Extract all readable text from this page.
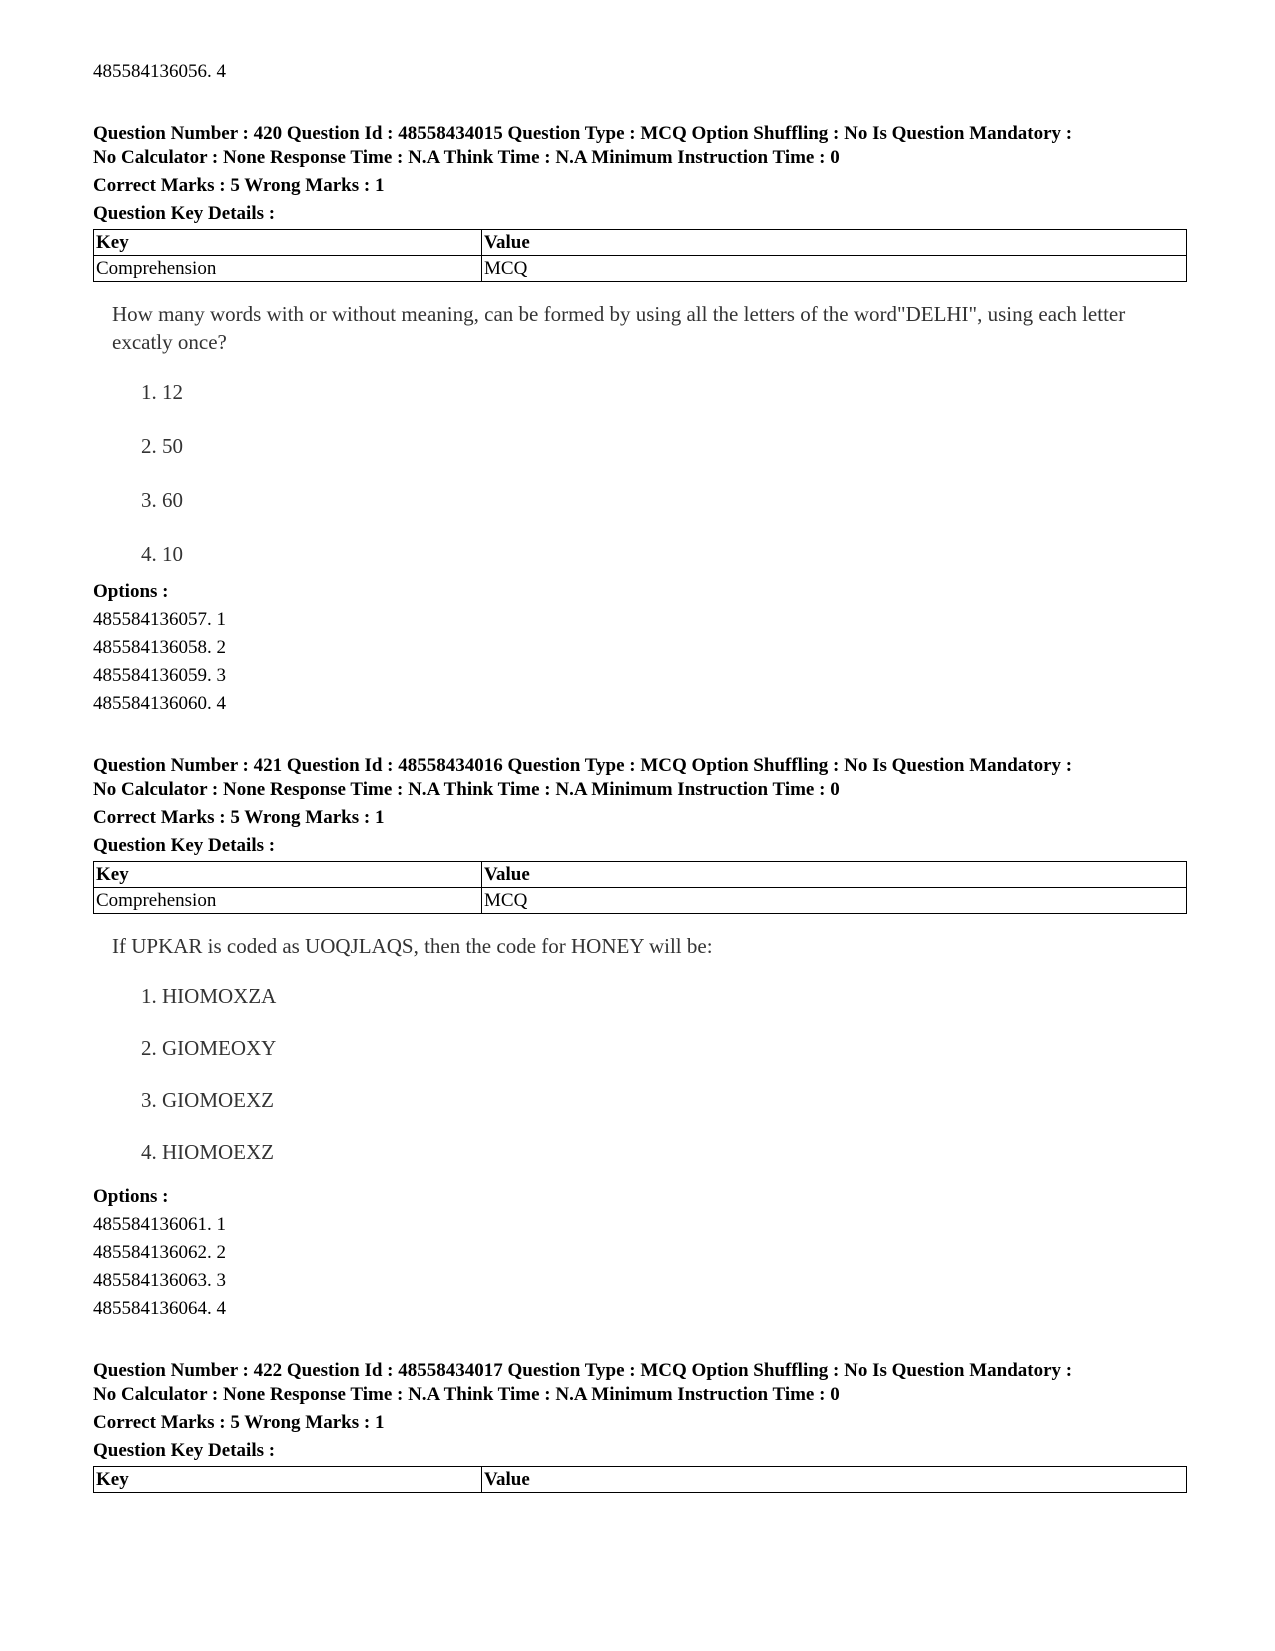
485584136056. 4
Question Number : 420 Question Id : 48558434015 Question Type : MCQ Option Shuffling : No Is Question Mandatory :
No Calculator : None Response Time : N.A Think Time : N.A Minimum Instruction Time : 0
Correct Marks : 5 Wrong Marks : 1
Question Key Details :
Key	Value
Comprehension	MCQ
How many words with or without meaning, can be formed by using all the letters of the word"DELHI", using each letter excatly once?
1. 12
2. 50
3. 60
4. 10
Options :
485584136057. 1
485584136058. 2
485584136059. 3
485584136060. 4
Question Number : 421 Question Id : 48558434016 Question Type : MCQ Option Shuffling : No Is Question Mandatory :
No Calculator : None Response Time : N.A Think Time : N.A Minimum Instruction Time : 0
Correct Marks : 5 Wrong Marks : 1
Question Key Details :
Key	Value
Comprehension	MCQ
If UPKAR is coded as UOQJLAQS, then the code for HONEY will be:
1. HIOMOXZA
2. GIOMEOXY
3. GIOMOEXZ
4. HIOMOEXZ
Options :
485584136061. 1
485584136062. 2
485584136063. 3
485584136064. 4
Question Number : 422 Question Id : 48558434017 Question Type : MCQ Option Shuffling : No Is Question Mandatory :
No Calculator : None Response Time : N.A Think Time : N.A Minimum Instruction Time : 0
Correct Marks : 5 Wrong Marks : 1
Question Key Details :
Key	Value
